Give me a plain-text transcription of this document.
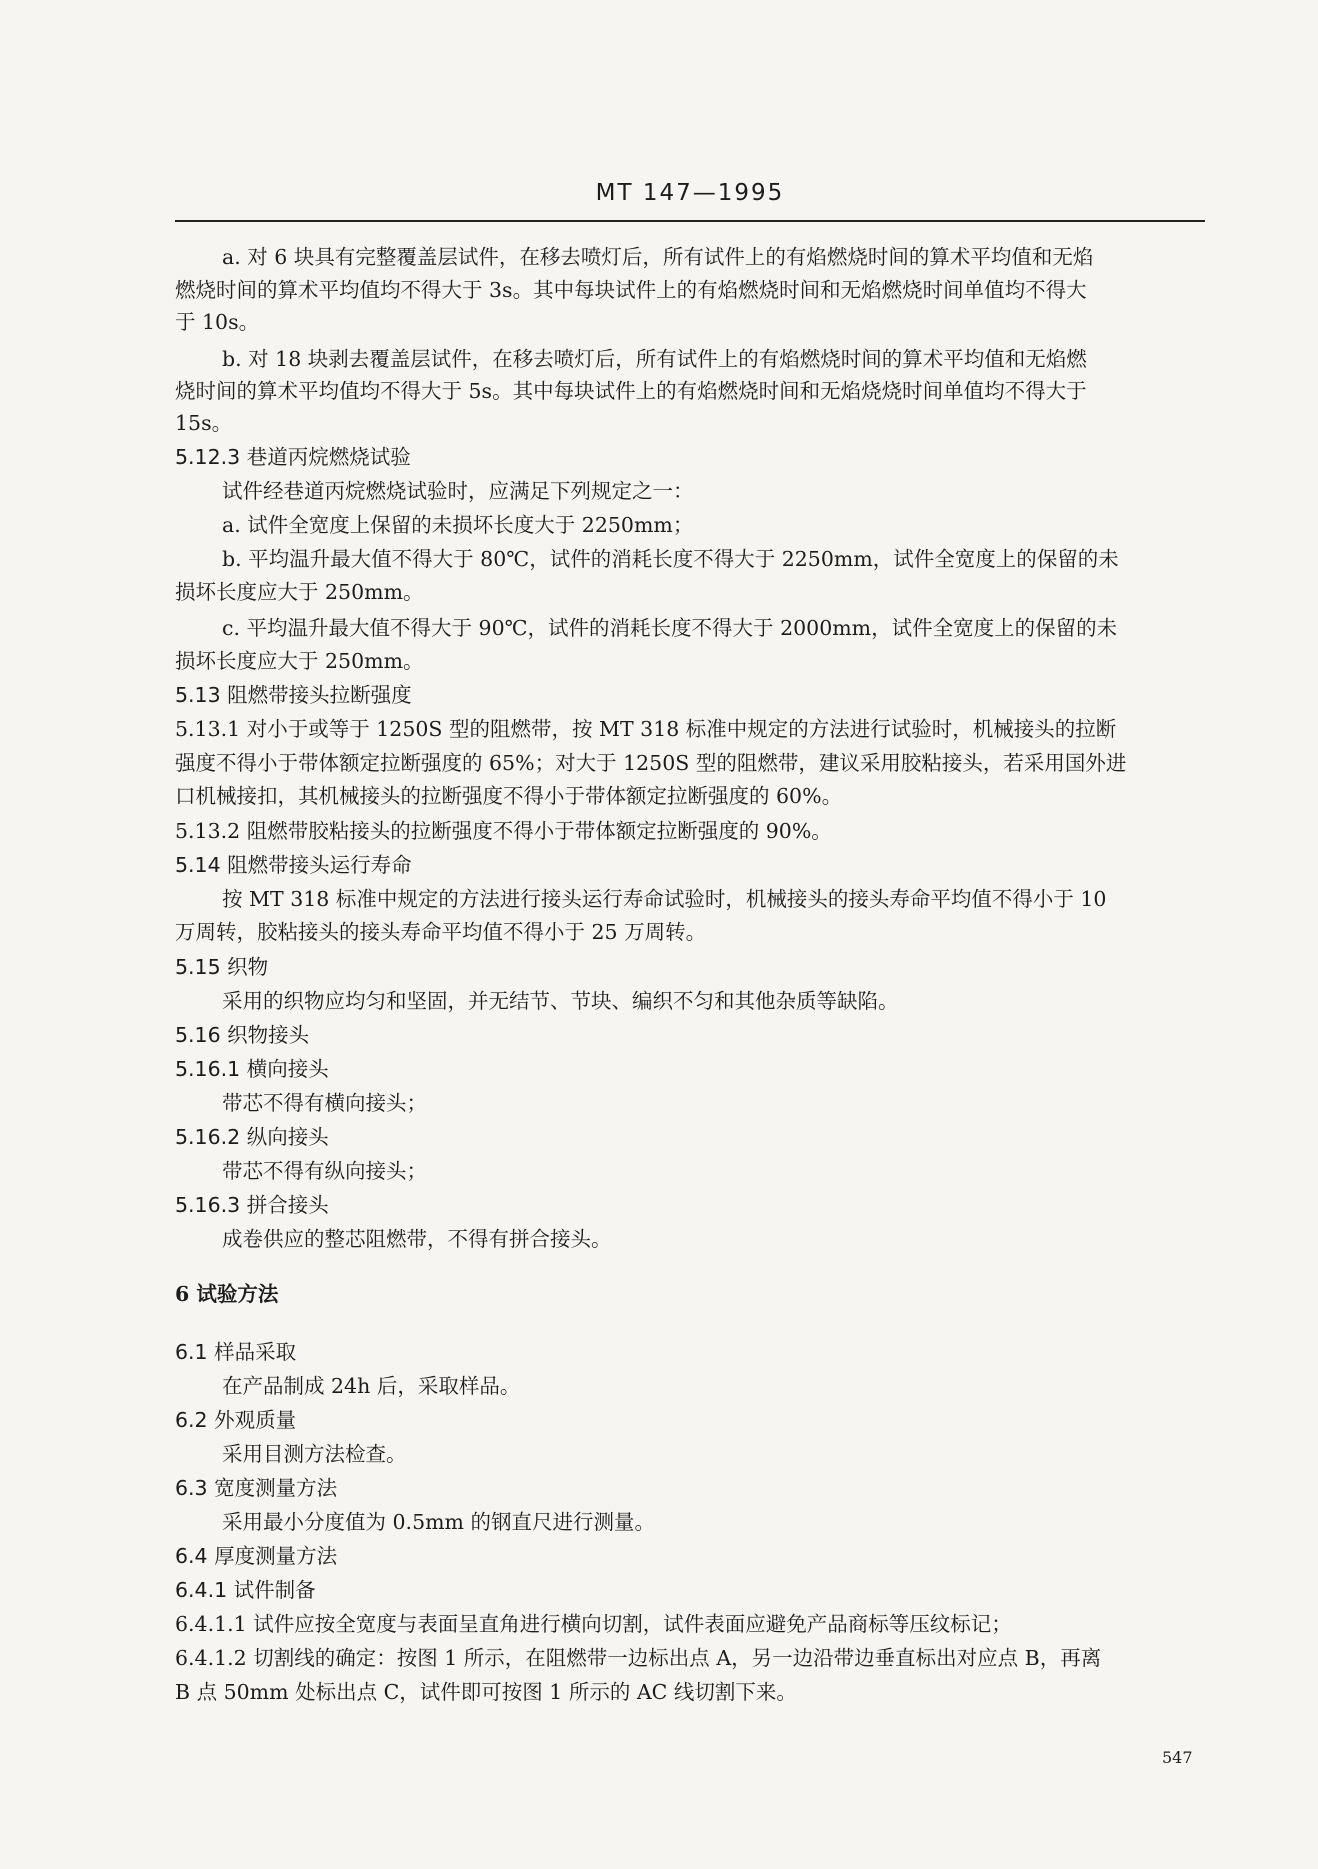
MT 147—1995
a. 对 6 块具有完整覆盖层试件，在移去喷灯后，所有试件上的有焰燃烧时间的算术平均值和无焰
燃烧时间的算术平均值均不得大于 3s。其中每块试件上的有焰燃烧时间和无焰燃烧时间单值均不得大
于 10s。
b. 对 18 块剥去覆盖层试件，在移去喷灯后，所有试件上的有焰燃烧时间的算术平均值和无焰燃
烧时间的算术平均值均不得大于 5s。其中每块试件上的有焰燃烧时间和无焰烧烧时间单值均不得大于
15s。
5.12.3 巷道丙烷燃烧试验
试件经巷道丙烷燃烧试验时，应满足下列规定之一：
a. 试件全宽度上保留的未损坏长度大于 2250mm；
b. 平均温升最大值不得大于 80℃，试件的消耗长度不得大于 2250mm，试件全宽度上的保留的未
损坏长度应大于 250mm。
c. 平均温升最大值不得大于 90℃，试件的消耗长度不得大于 2000mm，试件全宽度上的保留的未
损坏长度应大于 250mm。
5.13 阻燃带接头拉断强度
5.13.1 对小于或等于 1250S 型的阻燃带，按 MT 318 标准中规定的方法进行试验时，机械接头的拉断
强度不得小于带体额定拉断强度的 65%；对大于 1250S 型的阻燃带，建议采用胶粘接头，若采用国外进
口机械接扣，其机械接头的拉断强度不得小于带体额定拉断强度的 60%。
5.13.2 阻燃带胶粘接头的拉断强度不得小于带体额定拉断强度的 90%。
5.14 阻燃带接头运行寿命
按 MT 318 标准中规定的方法进行接头运行寿命试验时，机械接头的接头寿命平均值不得小于 10
万周转，胶粘接头的接头寿命平均值不得小于 25 万周转。
5.15 织物
采用的织物应均匀和坚固，并无结节、节块、编织不匀和其他杂质等缺陷。
5.16 织物接头
5.16.1 横向接头
带芯不得有横向接头；
5.16.2 纵向接头
带芯不得有纵向接头；
5.16.3 拼合接头
成卷供应的整芯阻燃带，不得有拼合接头。
6 试验方法
6.1 样品采取
在产品制成 24h 后，采取样品。
6.2 外观质量
采用目测方法检查。
6.3 宽度测量方法
采用最小分度值为 0.5mm 的钢直尺进行测量。
6.4 厚度测量方法
6.4.1 试件制备
6.4.1.1 试件应按全宽度与表面呈直角进行横向切割，试件表面应避免产品商标等压纹标记；
6.4.1.2 切割线的确定：按图 1 所示，在阻燃带一边标出点 A，另一边沿带边垂直标出对应点 B，再离
B 点 50mm 处标出点 C，试件即可按图 1 所示的 AC 线切割下来。
547
